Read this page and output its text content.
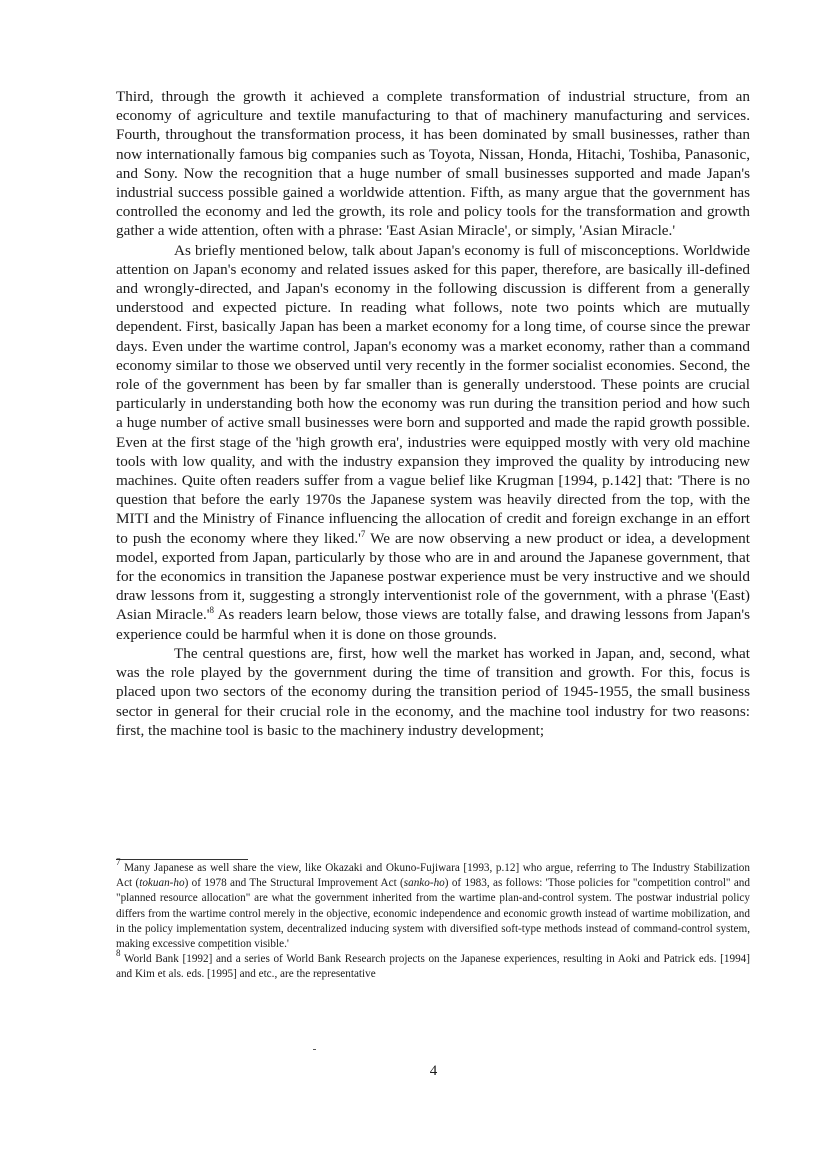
Third, through the growth it achieved a complete transformation of industrial structure, from an economy of agriculture and textile manufacturing to that of machinery manufacturing and services. Fourth, throughout the transformation process, it has been dominated by small businesses, rather than now internationally famous big companies such as Toyota, Nissan, Honda, Hitachi, Toshiba, Panasonic, and Sony. Now the recognition that a huge number of small businesses supported and made Japan's industrial success possible gained a worldwide attention. Fifth, as many argue that the government has controlled the economy and led the growth, its role and policy tools for the transformation and growth gather a wide attention, often with a phrase: 'East Asian Miracle', or simply, 'Asian Miracle.'

As briefly mentioned below, talk about Japan's economy is full of misconceptions. Worldwide attention on Japan's economy and related issues asked for this paper, therefore, are basically ill-defined and wrongly-directed, and Japan's economy in the following discussion is different from a generally understood and expected picture. In reading what follows, note two points which are mutually dependent. First, basically Japan has been a market economy for a long time, of course since the prewar days. Even under the wartime control, Japan's economy was a market economy, rather than a command economy similar to those we observed until very recently in the former socialist economies. Second, the role of the government has been by far smaller than is generally understood. These points are crucial particularly in understanding both how the economy was run during the transition period and how such a huge number of active small businesses were born and supported and made the rapid growth possible. Even at the first stage of the 'high growth era', industries were equipped mostly with very old machine tools with low quality, and with the industry expansion they improved the quality by introducing new machines. Quite often readers suffer from a vague belief like Krugman [1994, p.142] that: 'There is no question that before the early 1970s the Japanese system was heavily directed from the top, with the MITI and the Ministry of Finance influencing the allocation of credit and foreign exchange in an effort to push the economy where they $liked.'^7$ We are now observing a new product or idea, a development model, exported from Japan, particularly by those who are in and around the Japanese government, that for the economics in transition the Japanese postwar experience must be very instructive and we should draw lessons from it, suggesting a strongly interventionist role of the government, with a phrase '(East) Asian $Miracle.'^8$ As readers learn below, those views are totally false, and drawing lessons from Japan's experience could be harmful when it is done on those grounds.

The central questions are, first, how well the market has worked in Japan, and, second, what was the role played by the government during the time of transition and growth. For this, focus is placed upon two sectors of the economy during the transition period of 1945-1955, the small business sector in general for their crucial role in the economy, and the machine tool industry for two reasons: first, the machine tool is basic to the machinery industry development;

$^7$ Many Japanese as well share the view, like Okazaki and Okuno-Fujiwara [1993, p.12] who argue, referring to The Industry Stabilization Act (tokuan-ho) of 1978 and The Structural Improvement Act (sanko-ho) of 1983, as follows: 'Those policies for "competition control" and "planned resource allocation" are what the government inherited from the wartime plan-and-control system. The postwar industrial policy differs from the wartime control merely in the objective, economic independence and economic growth instead of wartime mobilization, and in the policy implementation system, decentralized inducing system with diversified soft-type methods instead of command-control system, making excessive competition visible.'

$^8$ World Bank [1992] and a series of World Bank Research projects on the Japanese experiences, resulting in Aoki and Patrick eds. [1994] and Kim et als. eds. [1995] and etc., are the representative

4
